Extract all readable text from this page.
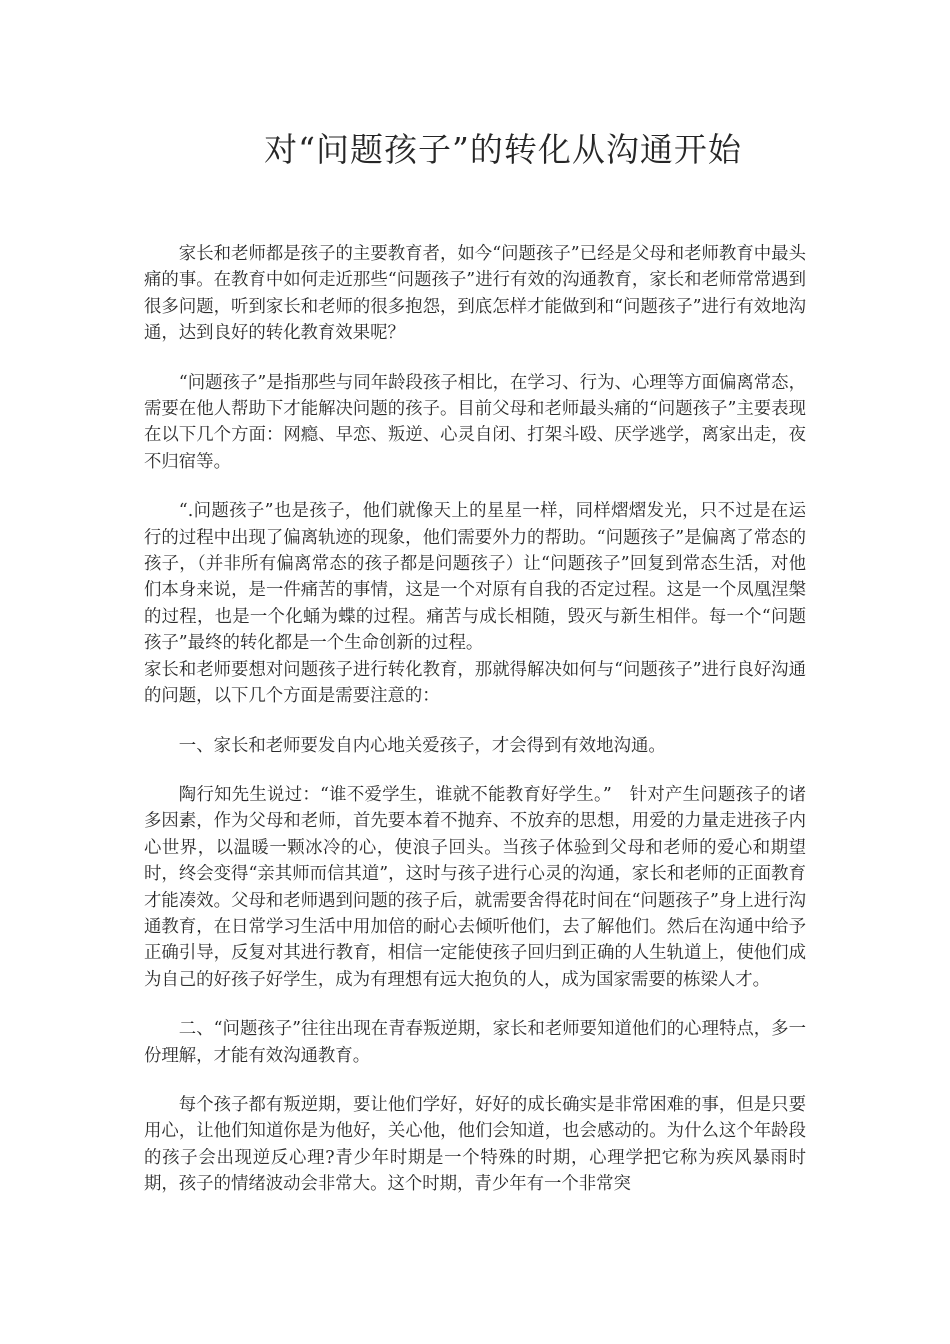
对“问题孩子”的转化从沟通开始

家长和老师都是孩子的主要教育者，如今“问题孩子”已经是父母和老师教育中最头痛的事。在教育中如何走近那些“问题孩子”进行有效的沟通教育，家长和老师常常遇到很多问题，听到家长和老师的很多抱怨，到底怎样才能做到和“问题孩子”进行有效地沟通，达到良好的转化教育效果呢？

“问题孩子”是指那些与同年龄段孩子相比，在学习、行为、心理等方面偏离常态，需要在他人帮助下才能解决问题的孩子。目前父母和老师最头痛的“问题孩子”主要表现在以下几个方面：网瘾、早恋、叛逆、心灵自闭、打架斗殴、厌学逃学，离家出走，夜不归宿等。

“.问题孩子”也是孩子，他们就像天上的星星一样，同样熠熠发光，只不过是在运行的过程中出现了偏离轨迹的现象，他们需要外力的帮助。“问题孩子”是偏离了常态的孩子，（并非所有偏离常态的孩子都是问题孩子）让“问题孩子”回复到常态生活，对他们本身来说，是一件痛苦的事情，这是一个对原有自我的否定过程。这是一个凤凰涅槃的过程，也是一个化蛹为蝶的过程。痛苦与成长相随，毁灭与新生相伴。每一个“问题孩子”最终的转化都是一个生命创新的过程。

家长和老师要想对问题孩子进行转化教育，那就得解决如何与“问题孩子”进行良好沟通的问题，以下几个方面是需要注意的：

一、家长和老师要发自内心地关爱孩子，才会得到有效地沟通。

陶行知先生说过：“谁不爱学生，谁就不能教育好学生。”　针对产生问题孩子的诸多因素，作为父母和老师，首先要本着不抛弃、不放弃的思想，用爱的力量走进孩子内心世界，以温暖一颗冰冷的心，使浪子回头。当孩子体验到父母和老师的爱心和期望时，终会变得“亲其师而信其道”，这时与孩子进行心灵的沟通，家长和老师的正面教育才能凑效。父母和老师遇到问题的孩子后，就需要舍得花时间在“问题孩子”身上进行沟通教育，在日常学习生活中用加倍的耐心去倾听他们，去了解他们。然后在沟通中给予正确引导，反复对其进行教育，相信一定能使孩子回归到正确的人生轨道上，使他们成为自己的好孩子好学生，成为有理想有远大抱负的人，成为国家需要的栋梁人才。

二、“问题孩子”往往出现在青春叛逆期，家长和老师要知道他们的心理特点，多一份理解，才能有效沟通教育。

每个孩子都有叛逆期，要让他们学好，好好的成长确实是非常困难的事，但是只要用心，让他们知道你是为他好，关心他，他们会知道，也会感动的。为什么这个年龄段的孩子会出现逆反心理?青少年时期是一个特殊的时期，心理学把它称为疾风暴雨时期，孩子的情绪波动会非常大。这个时期，青少年有一个非常突
